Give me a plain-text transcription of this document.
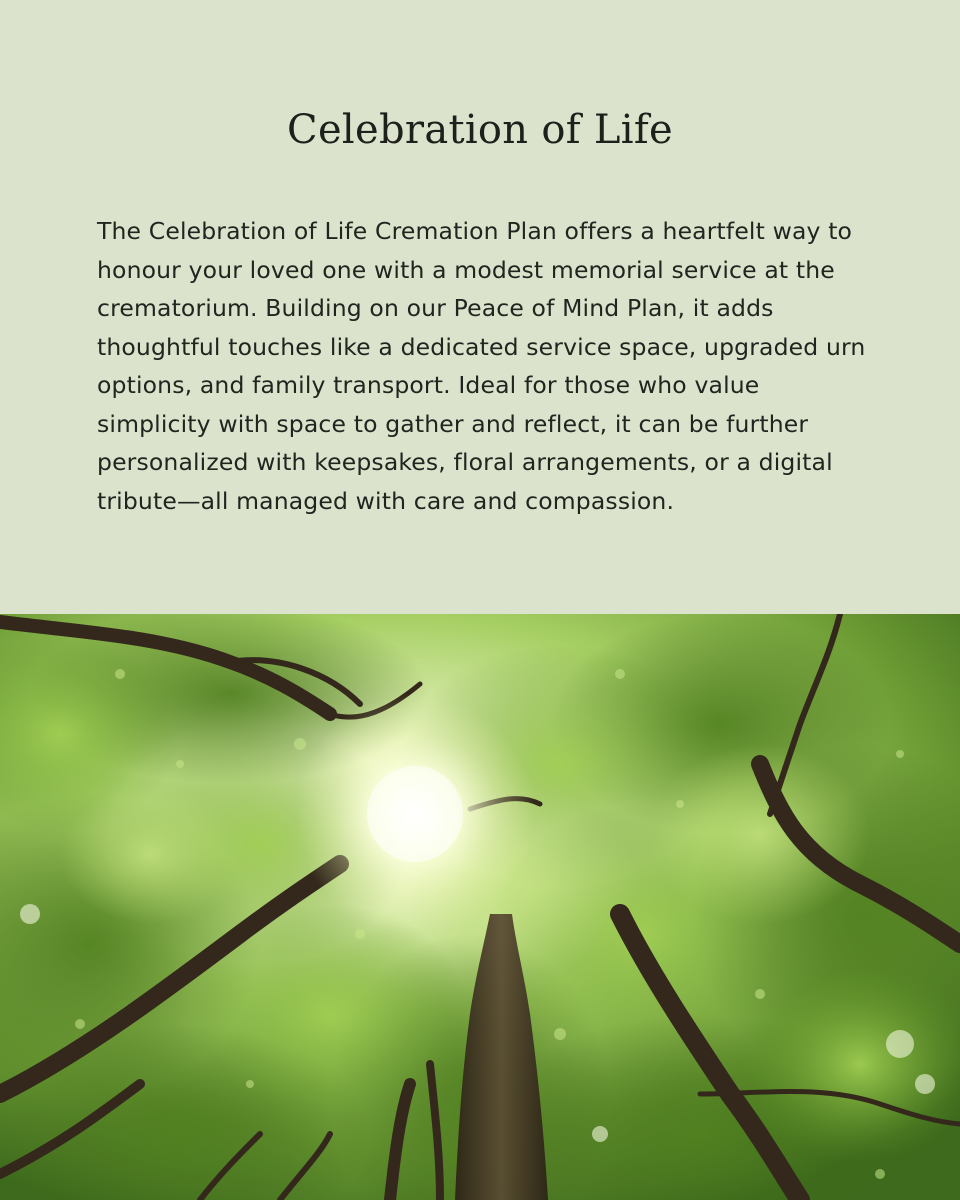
Celebration of Life

The Celebration of Life Cremation Plan offers a heartfelt way to honour your loved one with a modest memorial service at the crematorium. Building on our Peace of Mind Plan, it adds thoughtful touches like a dedicated service space, upgraded urn options, and family transport. Ideal for those who value simplicity with space to gather and reflect, it can be further personalized with keepsakes, floral arrangements, or a digital tribute—all managed with care and compassion.
